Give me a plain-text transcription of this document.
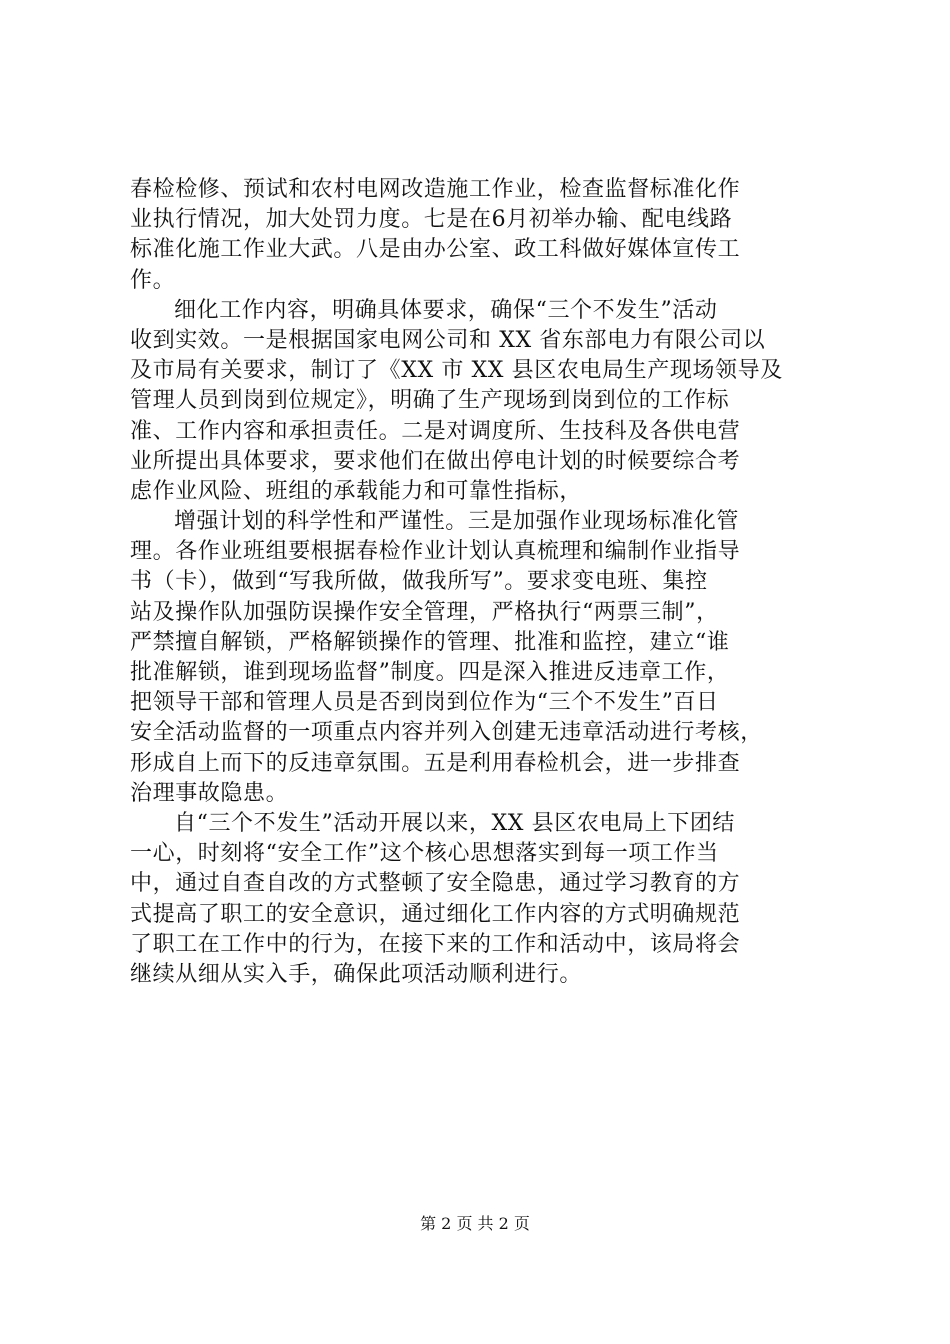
春检检修、预试和农村电网改造施工作业，检查监督标准化作
业执行情况，加大处罚力度。七是在6月初举办输、配电线路
标准化施工作业大武。八是由办公室、政工科做好媒体宣传工
作。
细化工作内容，明确具体要求，确保“三个不发生”活动
收到实效。一是根据国家电网公司和 XX 省东部电力有限公司以
及市局有关要求，制订了《XX 市 XX 县区农电局生产现场领导及
管理人员到岗到位规定》，明确了生产现场到岗到位的工作标
准、工作内容和承担责任。二是对调度所、生技科及各供电营
业所提出具体要求，要求他们在做出停电计划的时候要综合考
虑作业风险、班组的承载能力和可靠性指标，
增强计划的科学性和严谨性。三是加强作业现场标准化管
理。各作业班组要根据春检作业计划认真梳理和编制作业指导
书（卡），做到“写我所做，做我所写”。要求变电班、集控
站及操作队加强防误操作安全管理，严格执行“两票三制”，
严禁擅自解锁，严格解锁操作的管理、批准和监控，建立“谁
批准解锁，谁到现场监督”制度。四是深入推进反违章工作，
把领导干部和管理人员是否到岗到位作为“三个不发生”百日
安全活动监督的一项重点内容并列入创建无违章活动进行考核，
形成自上而下的反违章氛围。五是利用春检机会，进一步排查
治理事故隐患。
自“三个不发生”活动开展以来，XX 县区农电局上下团结
一心，时刻将“安全工作”这个核心思想落实到每一项工作当
中，通过自查自改的方式整顿了安全隐患，通过学习教育的方
式提高了职工的安全意识，通过细化工作内容的方式明确规范
了职工在工作中的行为，在接下来的工作和活动中，该局将会
继续从细从实入手，确保此项活动顺利进行。
第 2 页 共 2 页
